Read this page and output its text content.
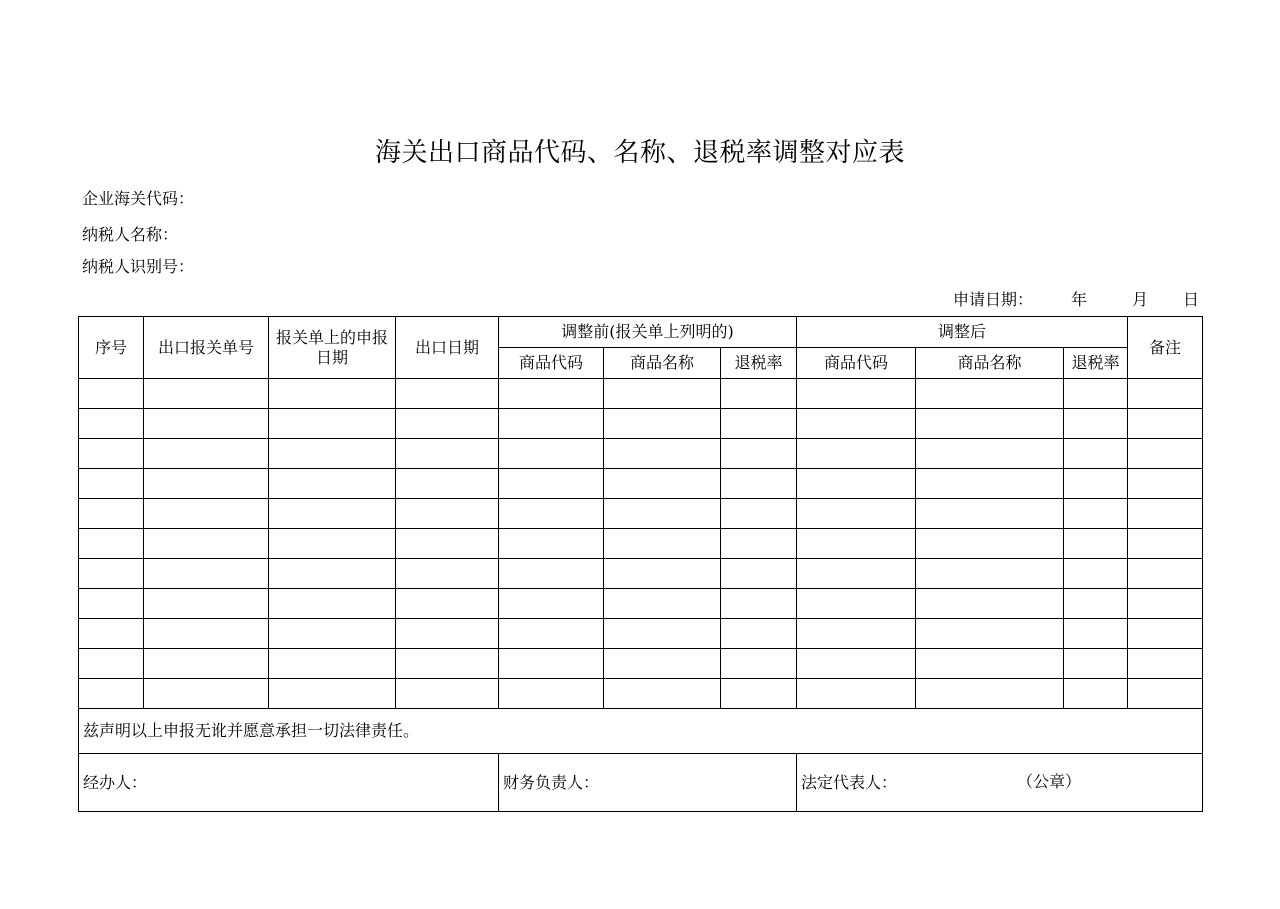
海关出口商品代码、名称、退税率调整对应表
企业海关代码：
纳税人名称：
纳税人识别号：
申请日期： 年	月 日
序号	出口报关单号	报关单上的申报日期	出口日期	调整前(报关单上列明的)			调整后			备注
				商品代码	商品名称	退税率	商品代码	商品名称	退税率	

兹声明以上申报无讹并愿意承担一切法律责任。										
经办人：				财务负责人：			法定代表人： （公章）			
